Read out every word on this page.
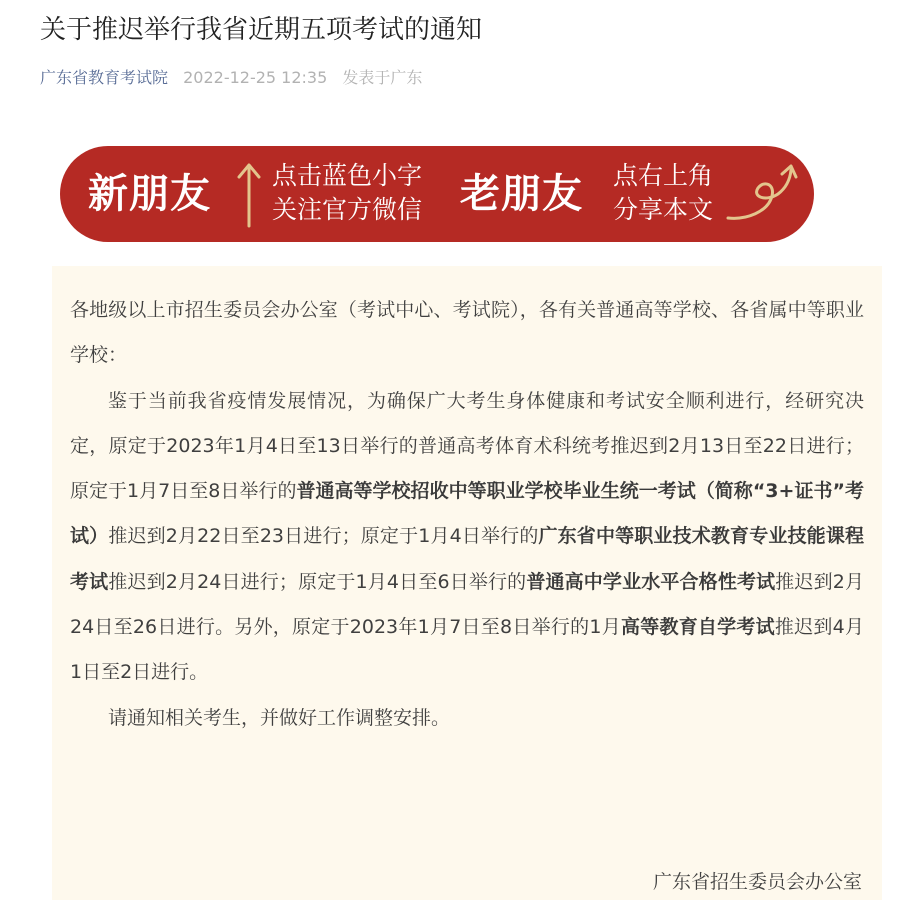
关于推迟举行我省近期五项考试的通知
广东省教育考试院 2022-12-25 12:35 发表于广东
新朋友 点击蓝色小字
关注官方微信 老朋友 点右上角
分享本文

各地级以上市招生委员会办公室（考试中心、考试院），各有关普通高等学校、各省属中等职业学校：

鉴于当前我省疫情发展情况，为确保广大考生身体健康和考试安全顺利进行，经研究决定，原定于2023年1月4日至13日举行的普通高考体育术科统考推迟到2月13日至22日进行；原定于1月7日至8日举行的普通高等学校招收中等职业学校毕业生统一考试（简称“3+证书”考试）推迟到2月22日至23日进行；原定于1月4日举行的广东省中等职业技术教育专业技能课程考试推迟到2月24日进行；原定于1月4日至6日举行的普通高中学业水平合格性考试推迟到2月24日至26日进行。另外，原定于2023年1月7日至8日举行的1月高等教育自学考试推迟到4月1日至2日进行。

请通知相关考生，并做好工作调整安排。

广东省招生委员会办公室
